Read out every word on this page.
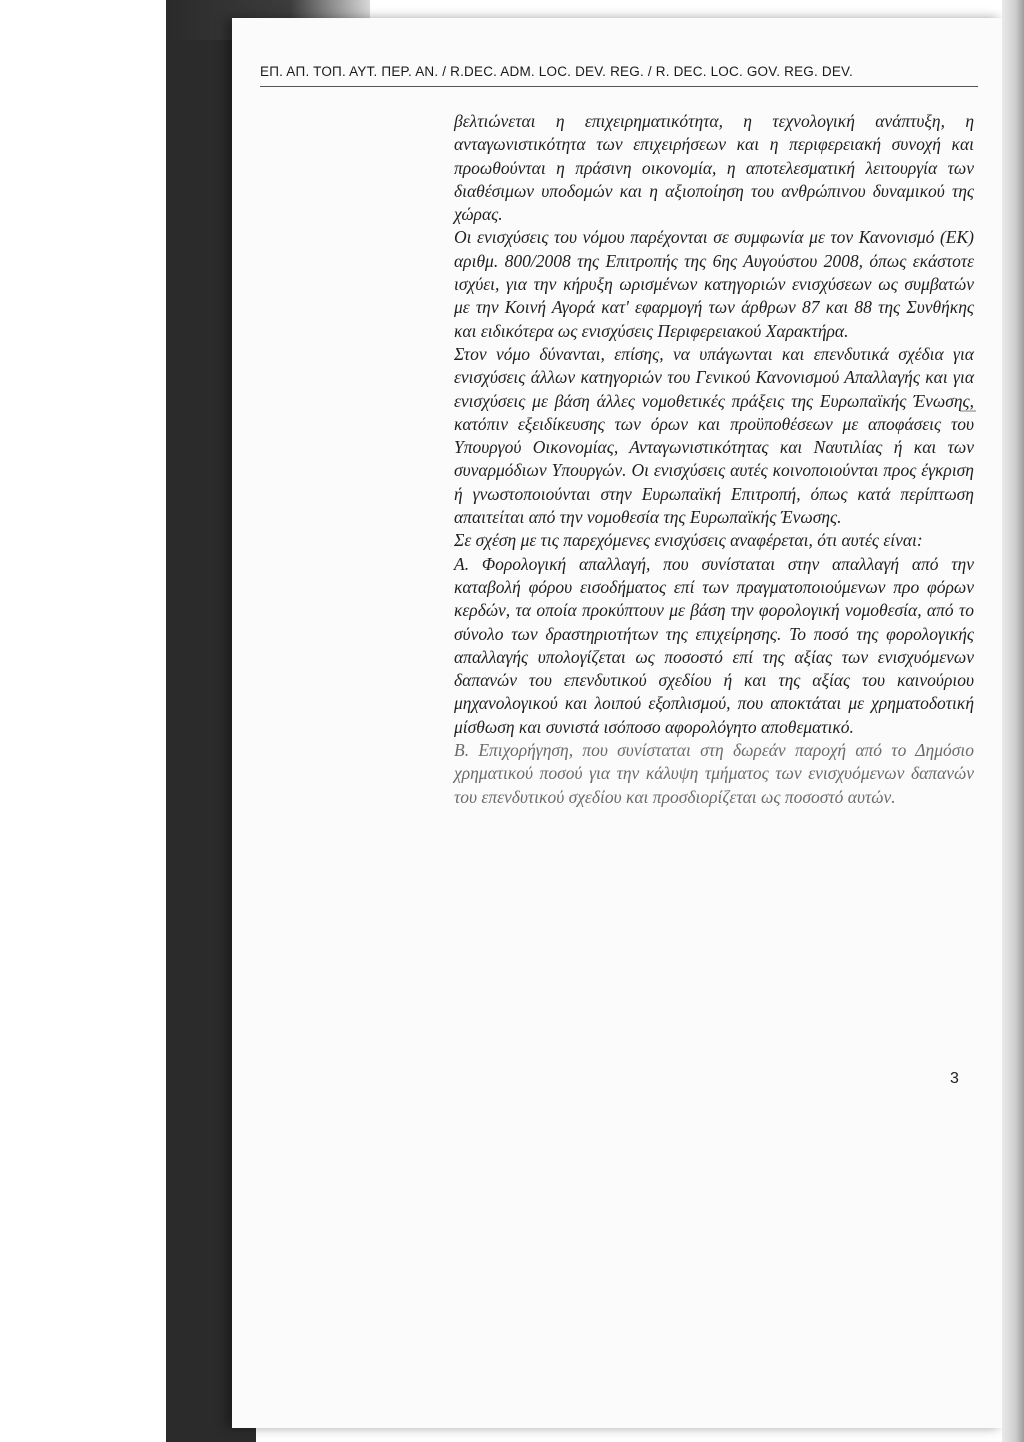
ΕΠ. ΑΠ. ΤΟΠ. ΑΥΤ. ΠΕΡ. ΑΝ. / R.DEC. ADM. LOC. DEV. REG. / R. DEC. LOC. GOV. REG. DEV.

βελτιώνεται η επιχειρηματικότητα, η τεχνολογική ανάπτυξη, η ανταγωνιστικότητα των επιχειρήσεων και η περιφερειακή συνοχή και προωθούνται η πράσινη οικονομία, η αποτελεσματική λειτουργία των διαθέσιμων υποδομών και η αξιοποίηση του ανθρώπινου δυναμικού της χώρας.

Οι ενισχύσεις του νόμου παρέχονται σε συμφωνία με τον Κανονισμό (ΕΚ) αριθμ. 800/2008 της Επιτροπής της 6ης Αυγούστου 2008, όπως εκάστοτε ισχύει, για την κήρυξη ωρισμένων κατηγοριών ενισχύσεων ως συμβατών με την Κοινή Αγορά κατ' εφαρμογή των άρθρων 87 και 88 της Συνθήκης και ειδικότερα ως ενισχύσεις Περιφερειακού Χαρακτήρα.

Στον νόμο δύνανται, επίσης, να υπάγωνται και επενδυτικά σχέδια για ενισχύσεις άλλων κατηγοριών του Γενικού Κανονισμού Απαλλαγής και για ενισχύσεις με βάση άλλες νομοθετικές πράξεις της Ευρωπαϊκής Ένωσης, κατόπιν εξειδίκευσης των όρων και προϋποθέσεων με αποφάσεις του Υπουργού Οικονομίας, Ανταγωνιστικότητας και Ναυτιλίας ή και των συναρμόδιων Υπουργών. Οι ενισχύσεις αυτές κοινοποιούνται προς έγκριση ή γνωστοποιούνται στην Ευρωπαϊκή Επιτροπή, όπως κατά περίπτωση απαιτείται από την νομοθεσία της Ευρωπαϊκής Ένωσης.

Σε σχέση με τις παρεχόμενες ενισχύσεις αναφέρεται, ότι αυτές είναι:

Α. Φορολογική απαλλαγή, που συνίσταται στην απαλλαγή από την καταβολή φόρου εισοδήματος επί των πραγματοποιούμενων προ φόρων κερδών, τα οποία προκύπτουν με βάση την φορολογική νομοθεσία, από το σύνολο των δραστηριοτήτων της επιχείρησης. Το ποσό της φορολογικής απαλλαγής υπολογίζεται ως ποσοστό επί της αξίας των ενισχυόμενων δαπανών του επενδυτικού σχεδίου ή και της αξίας του καινούριου μηχανολογικού και λοιπού εξοπλισμού, που αποκτάται με χρηματοδοτική μίσθωση και συνιστά ισόποσο αφορολόγητο αποθεματικό.

Β. Επιχορήγηση, που συνίσταται στη δωρεάν παροχή από το Δημόσιο χρηματικού ποσού για την κάλυψη τμήματος των ενισχυόμενων δαπανών του επενδυτικού σχεδίου και προσδιορίζεται ως ποσοστό αυτών.

3
